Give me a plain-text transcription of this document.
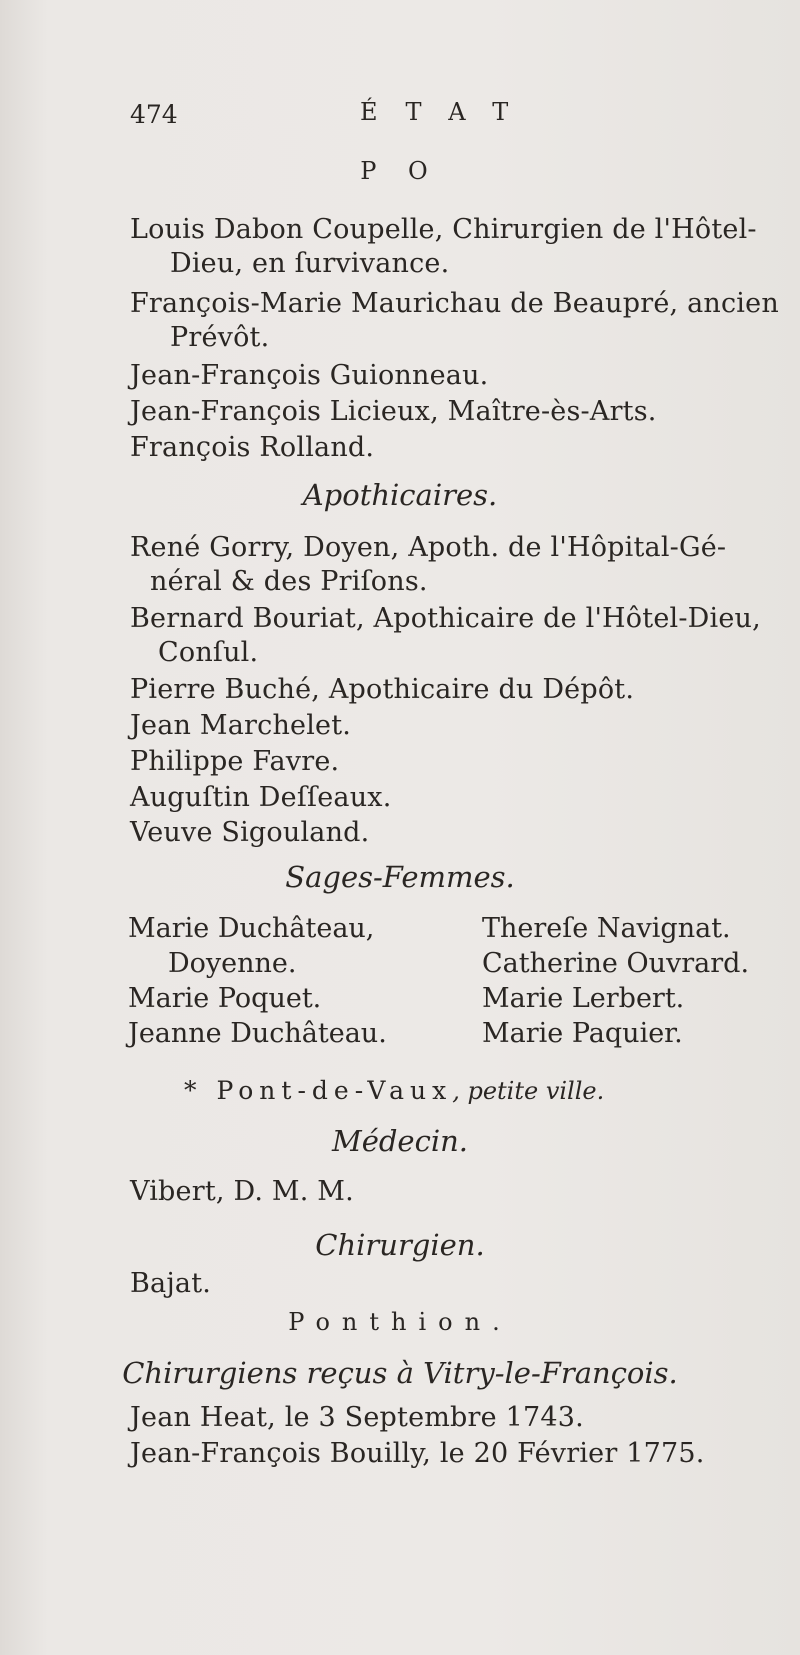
474	ÉTAT
P O
Louis Dabon Coupelle, Chirurgien de l'Hôtel-
Dieu, en ſurvivance.
François-Marie Maurichau de Beaupré, ancien
Prévôt.
Jean-François Guionneau.
Jean-François Licieux, Maître-ès-Arts.
François Rolland.
Apothicaires.
René Gorry, Doyen, Apoth. de l'Hôpital-Gé-
néral & des Priſons.
Bernard Bouriat, Apothicaire de l'Hôtel-Dieu,
Conſul.
Pierre Buché, Apothicaire du Dépôt.
Jean Marchelet.
Philippe Favre.
Auguſtin Deſſeaux.
Veuve Sigouland.
Sages-Femmes.
Marie Duchâteau,
Doyenne.
Marie Poquet.
Jeanne Duchâteau.
Thereſe Navignat.
Catherine Ouvrard.
Marie Lerbert.
Marie Paquier.
* Pont-de-Vaux, petite ville.
Médecin.
Vibert, D. M. M.
Chirurgien.
Bajat.
Ponthion.
Chirurgiens reçus à Vitry-le-François.
Jean Heat, le 3 Septembre 1743.
Jean-François Bouilly, le 20 Février 1775.
